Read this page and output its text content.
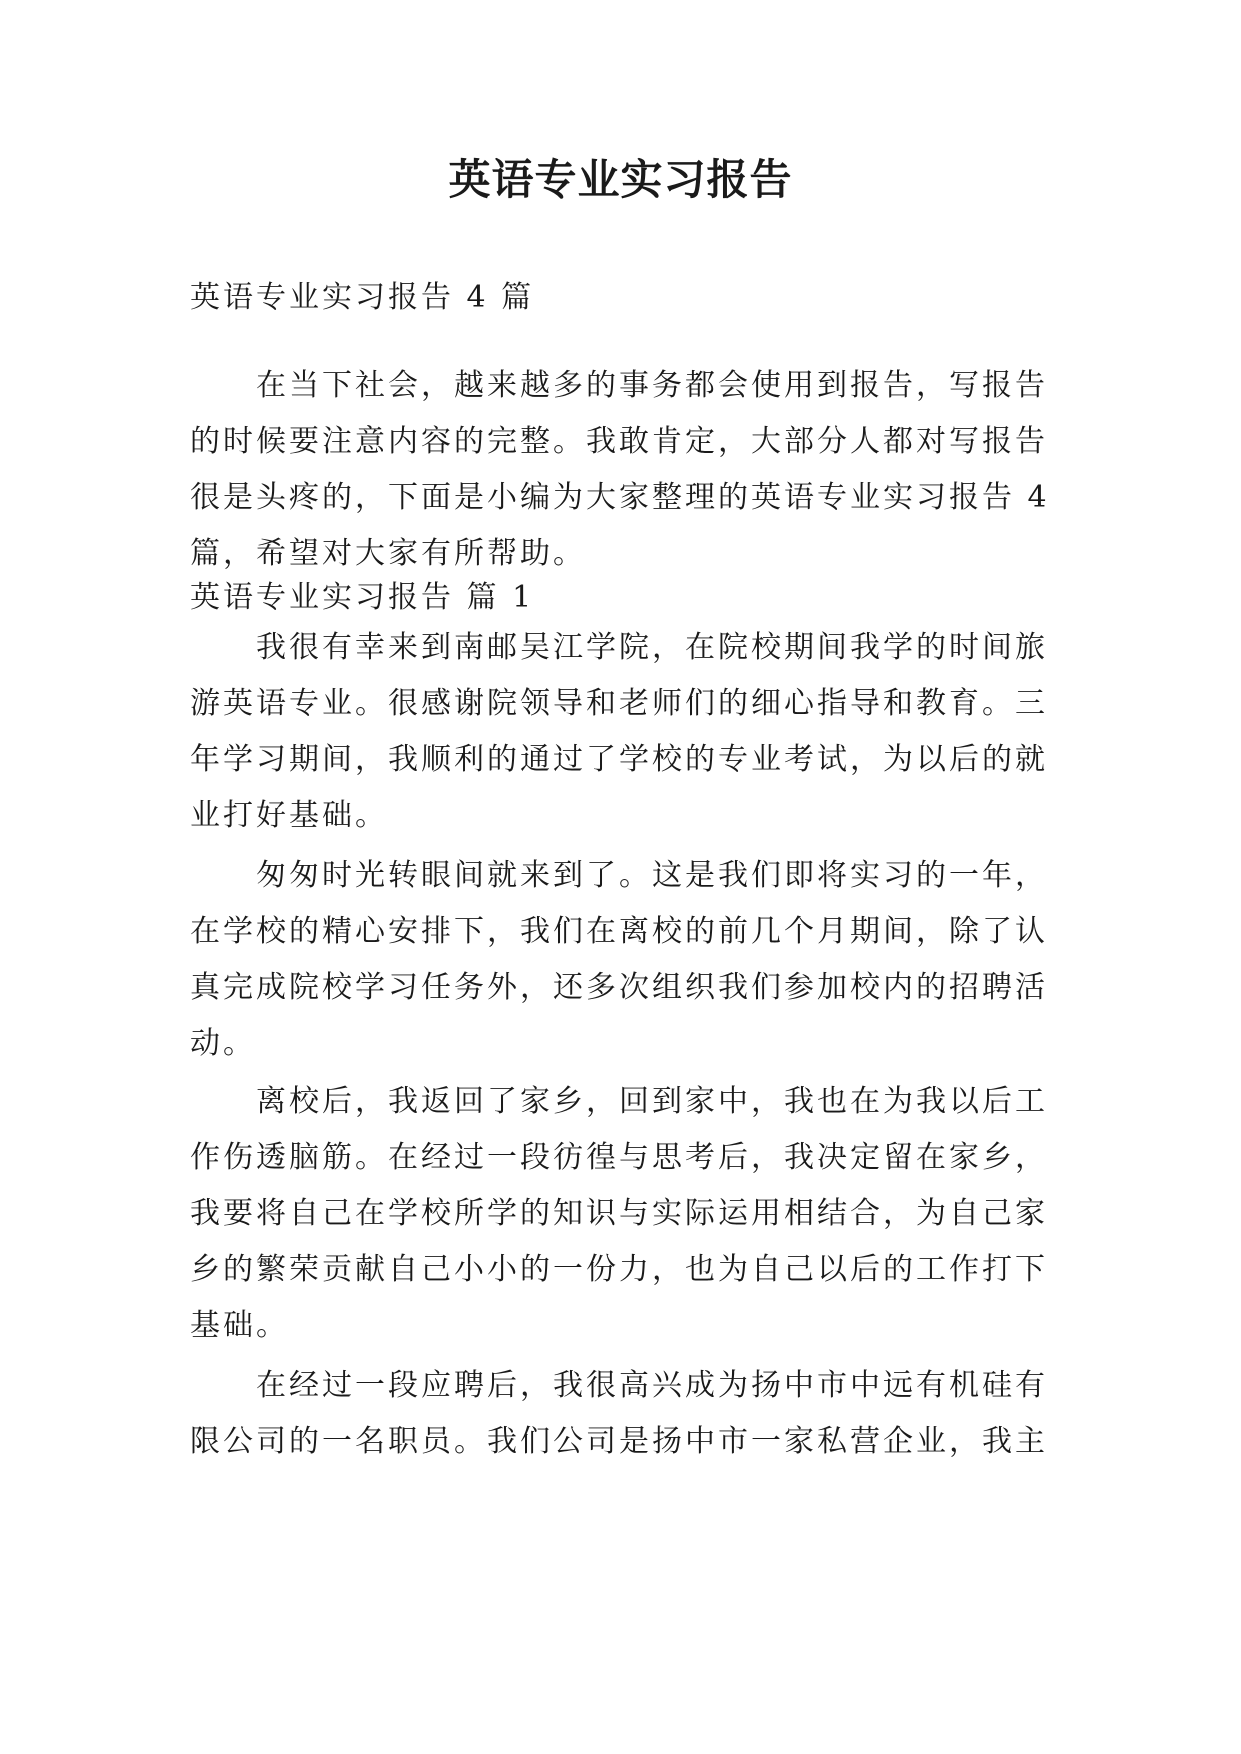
英语专业实习报告

英语专业实习报告 4 篇

在当下社会，越来越多的事务都会使用到报告，写报告
的时候要注意内容的完整。我敢肯定，大部分人都对写报告
很是头疼的，下面是小编为大家整理的英语专业实习报告 4
篇，希望对大家有所帮助。

英语专业实习报告 篇 1

我很有幸来到南邮吴江学院，在院校期间我学的时间旅
游英语专业。很感谢院领导和老师们的细心指导和教育。三
年学习期间，我顺利的通过了学校的专业考试，为以后的就
业打好基础。
匆匆时光转眼间就来到了。这是我们即将实习的一年，
在学校的精心安排下，我们在离校的前几个月期间，除了认
真完成院校学习任务外，还多次组织我们参加校内的招聘活
动。
离校后，我返回了家乡，回到家中，我也在为我以后工
作伤透脑筋。在经过一段彷徨与思考后，我决定留在家乡，
我要将自己在学校所学的知识与实际运用相结合，为自己家
乡的繁荣贡献自己小小的一份力，也为自己以后的工作打下
基础。
在经过一段应聘后，我很高兴成为扬中市中远有机硅有
限公司的一名职员。我们公司是扬中市一家私营企业，我主
